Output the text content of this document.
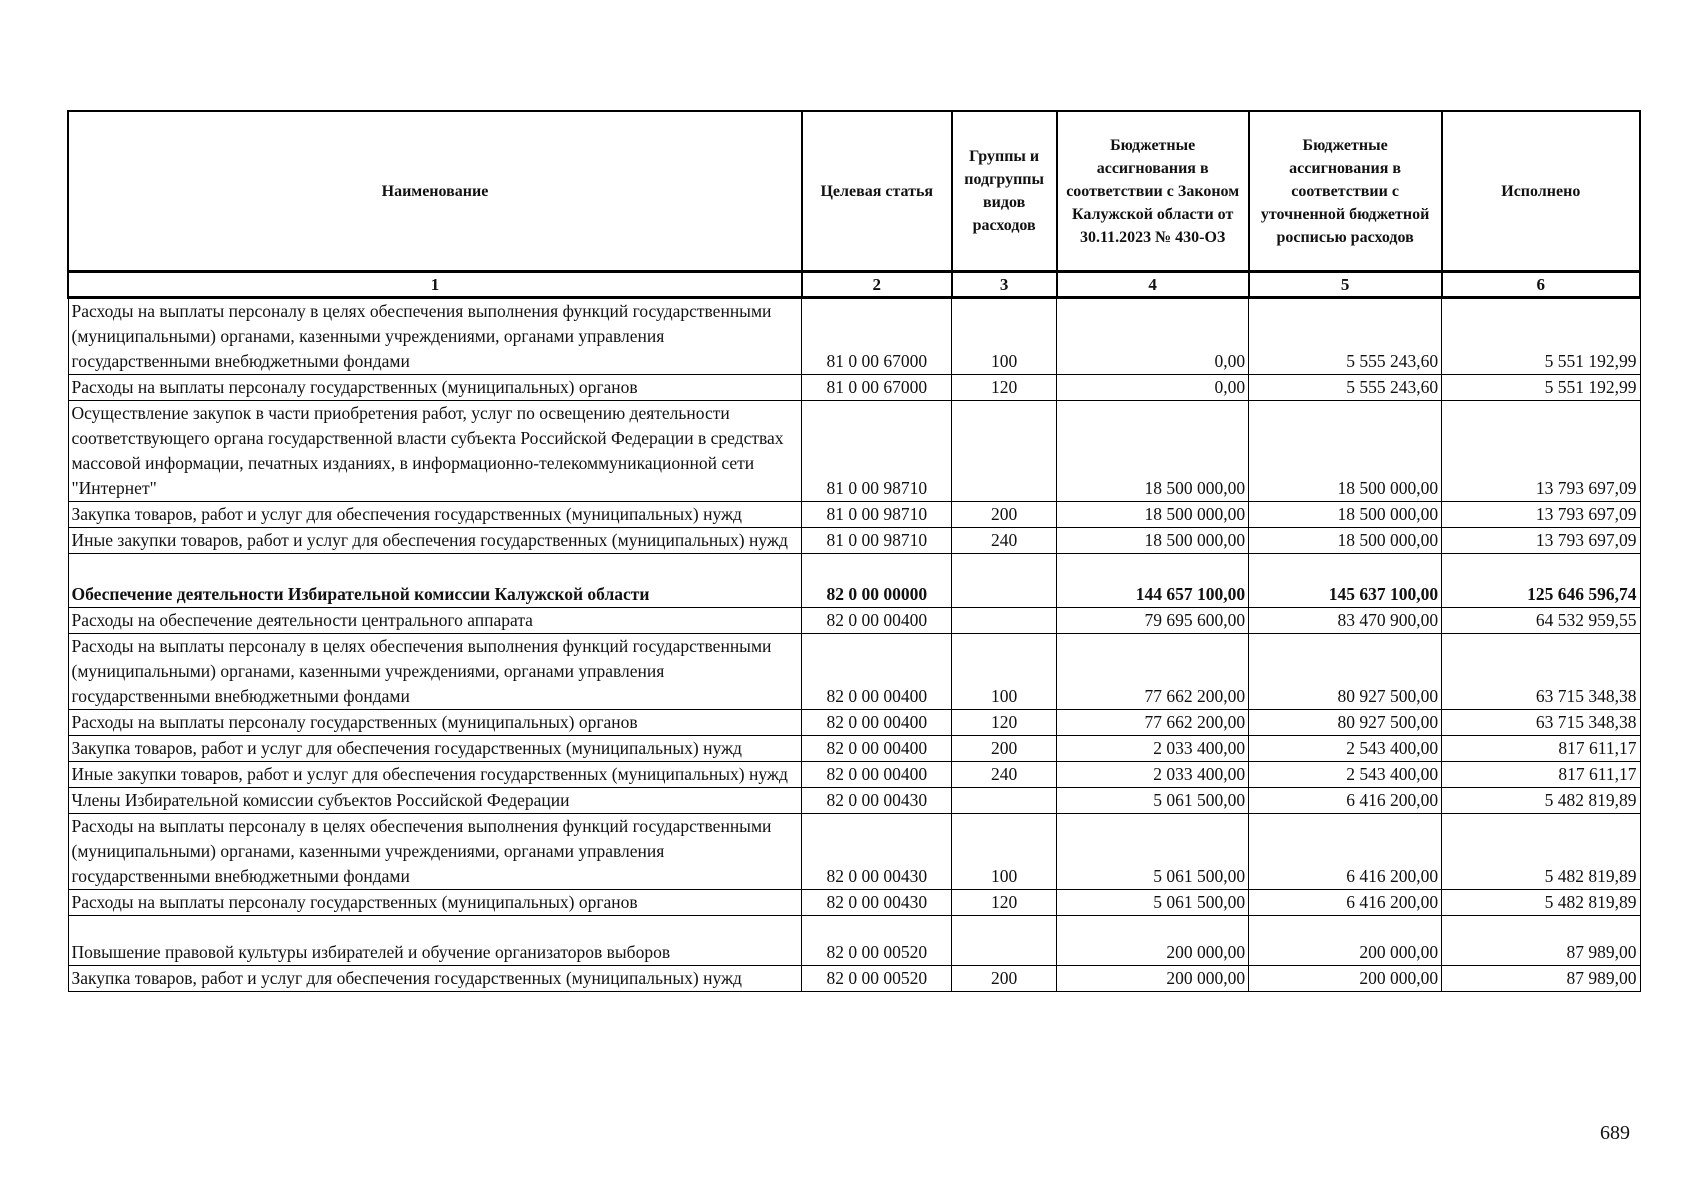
Наименование	Целевая статья	Группы и подгруппы видов расходов	Бюджетные ассигнования в соответствии с Законом Калужской области от 30.11.2023 № 430-ОЗ	Бюджетные ассигнования в соответствии с уточненной бюджетной росписью расходов	Исполнено
1	2	3	4	5	6
Расходы на выплаты персоналу в целях обеспечения выполнения функций государственными (муниципальными) органами, казенными учреждениями, органами управления государственными внебюджетными фондами	81 0 00 67000	100	0,00	5 555 243,60	5 551 192,99
Расходы на выплаты персоналу государственных (муниципальных) органов	81 0 00 67000	120	0,00	5 555 243,60	5 551 192,99
Осуществление закупок в части приобретения работ, услуг по освещению деятельности соответствующего органа государственной власти субъекта Российской Федерации в средствах массовой информации, печатных изданиях, в информационно-телекоммуникационной сети "Интернет"	81 0 00 98710		18 500 000,00	18 500 000,00	13 793 697,09
Закупка товаров, работ и услуг для обеспечения государственных (муниципальных) нужд	81 0 00 98710	200	18 500 000,00	18 500 000,00	13 793 697,09
Иные закупки товаров, работ и услуг для обеспечения государственных (муниципальных) нужд	81 0 00 98710	240	18 500 000,00	18 500 000,00	13 793 697,09
Обеспечение деятельности Избирательной комиссии Калужской области	82 0 00 00000		144 657 100,00	145 637 100,00	125 646 596,74
Расходы на обеспечение деятельности центрального аппарата	82 0 00 00400		79 695 600,00	83 470 900,00	64 532 959,55
Расходы на выплаты персоналу в целях обеспечения выполнения функций государственными (муниципальными) органами, казенными учреждениями, органами управления государственными внебюджетными фондами	82 0 00 00400	100	77 662 200,00	80 927 500,00	63 715 348,38
Расходы на выплаты персоналу государственных (муниципальных) органов	82 0 00 00400	120	77 662 200,00	80 927 500,00	63 715 348,38
Закупка товаров, работ и услуг для обеспечения государственных (муниципальных) нужд	82 0 00 00400	200	2 033 400,00	2 543 400,00	817 611,17
Иные закупки товаров, работ и услуг для обеспечения государственных (муниципальных) нужд	82 0 00 00400	240	2 033 400,00	2 543 400,00	817 611,17
Члены Избирательной комиссии субъектов Российской Федерации	82 0 00 00430		5 061 500,00	6 416 200,00	5 482 819,89
Расходы на выплаты персоналу в целях обеспечения выполнения функций государственными (муниципальными) органами, казенными учреждениями, органами управления государственными внебюджетными фондами	82 0 00 00430	100	5 061 500,00	6 416 200,00	5 482 819,89
Расходы на выплаты персоналу государственных (муниципальных) органов	82 0 00 00430	120	5 061 500,00	6 416 200,00	5 482 819,89
Повышение правовой культуры избирателей и обучение организаторов выборов	82 0 00 00520		200 000,00	200 000,00	87 989,00
Закупка товаров, работ и услуг для обеспечения государственных (муниципальных) нужд	82 0 00 00520	200	200 000,00	200 000,00	87 989,00
689
